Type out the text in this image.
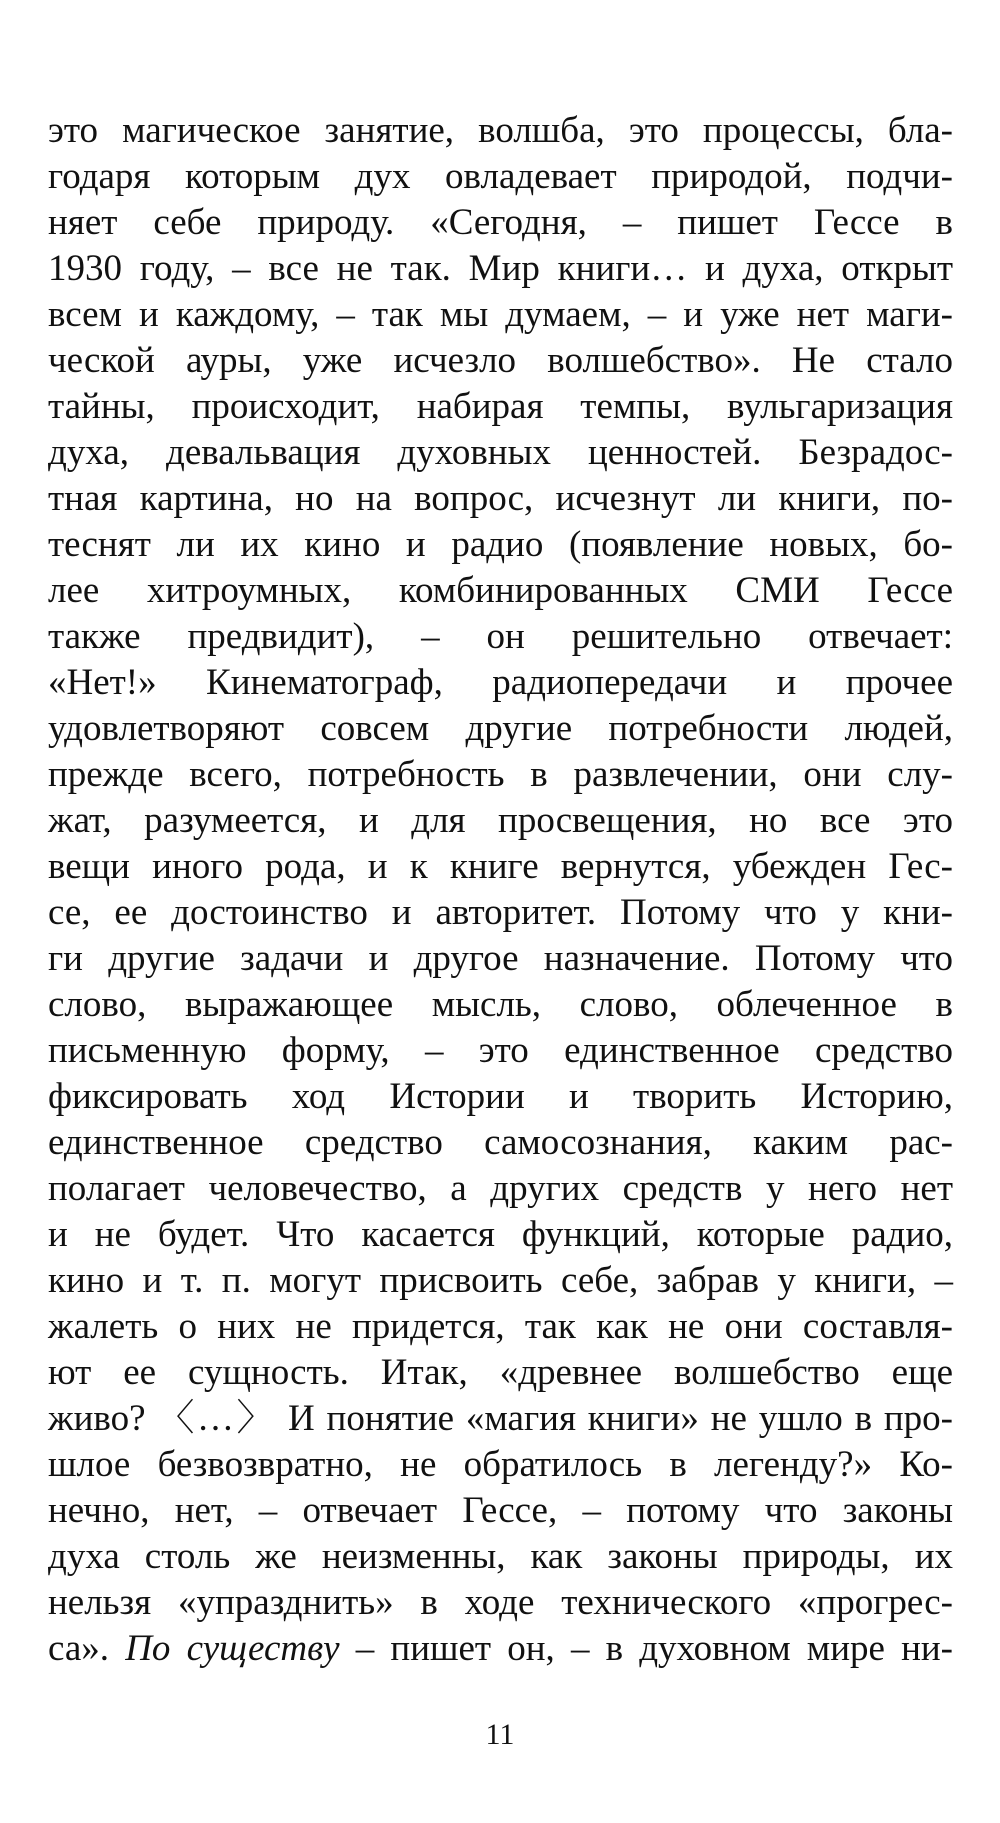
это магическое занятие, волшба, это процессы, бла-
годаря которым дух овладевает природой, подчи-
няет себе природу. «Сегодня, – пишет Гессе в
1930 году, – все не так. Мир книги… и духа, открыт
всем и каждому, – так мы думаем, – и уже нет маги-
ческой ауры, уже исчезло волшебство». Не стало
тайны, происходит, набирая темпы, вульгаризация
духа, девальвация духовных ценностей. Безрадос-
тная картина, но на вопрос, исчезнут ли книги, по-
теснят ли их кино и радио (появление новых, бо-
лее хитроумных, комбинированных СМИ Гессе
также предвидит), – он решительно отвечает:
«Нет!» Кинематограф, радиопередачи и прочее
удовлетворяют совсем другие потребности людей,
прежде всего, потребность в развлечении, они слу-
жат, разумеется, и для просвещения, но все это
вещи иного рода, и к книге вернутся, убежден Гес-
се, ее достоинство и авторитет. Потому что у кни-
ги другие задачи и другое назначение. Потому что
слово, выражающее мысль, слово, облеченное в
письменную форму, – это единственное средство
фиксировать ход Истории и творить Историю,
единственное средство самосознания, каким рас-
полагает человечество, а других средств у него нет
и не будет. Что касается функций, которые радио,
кино и т. п. могут присвоить себе, забрав у книги, –
жалеть о них не придется, так как не они составля-
ют ее сущность. Итак, «древнее волшебство еще
живо? 〈…〉 И понятие «магия книги» не ушло в про-
шлое безвозвратно, не обратилось в легенду?» Ко-
нечно, нет, – отвечает Гессе, – потому что законы
духа столь же неизменны, как законы природы, их
нельзя «упразднить» в ходе технического «прогрес-
са». По существу – пишет он, – в духовном мире ни-
11
